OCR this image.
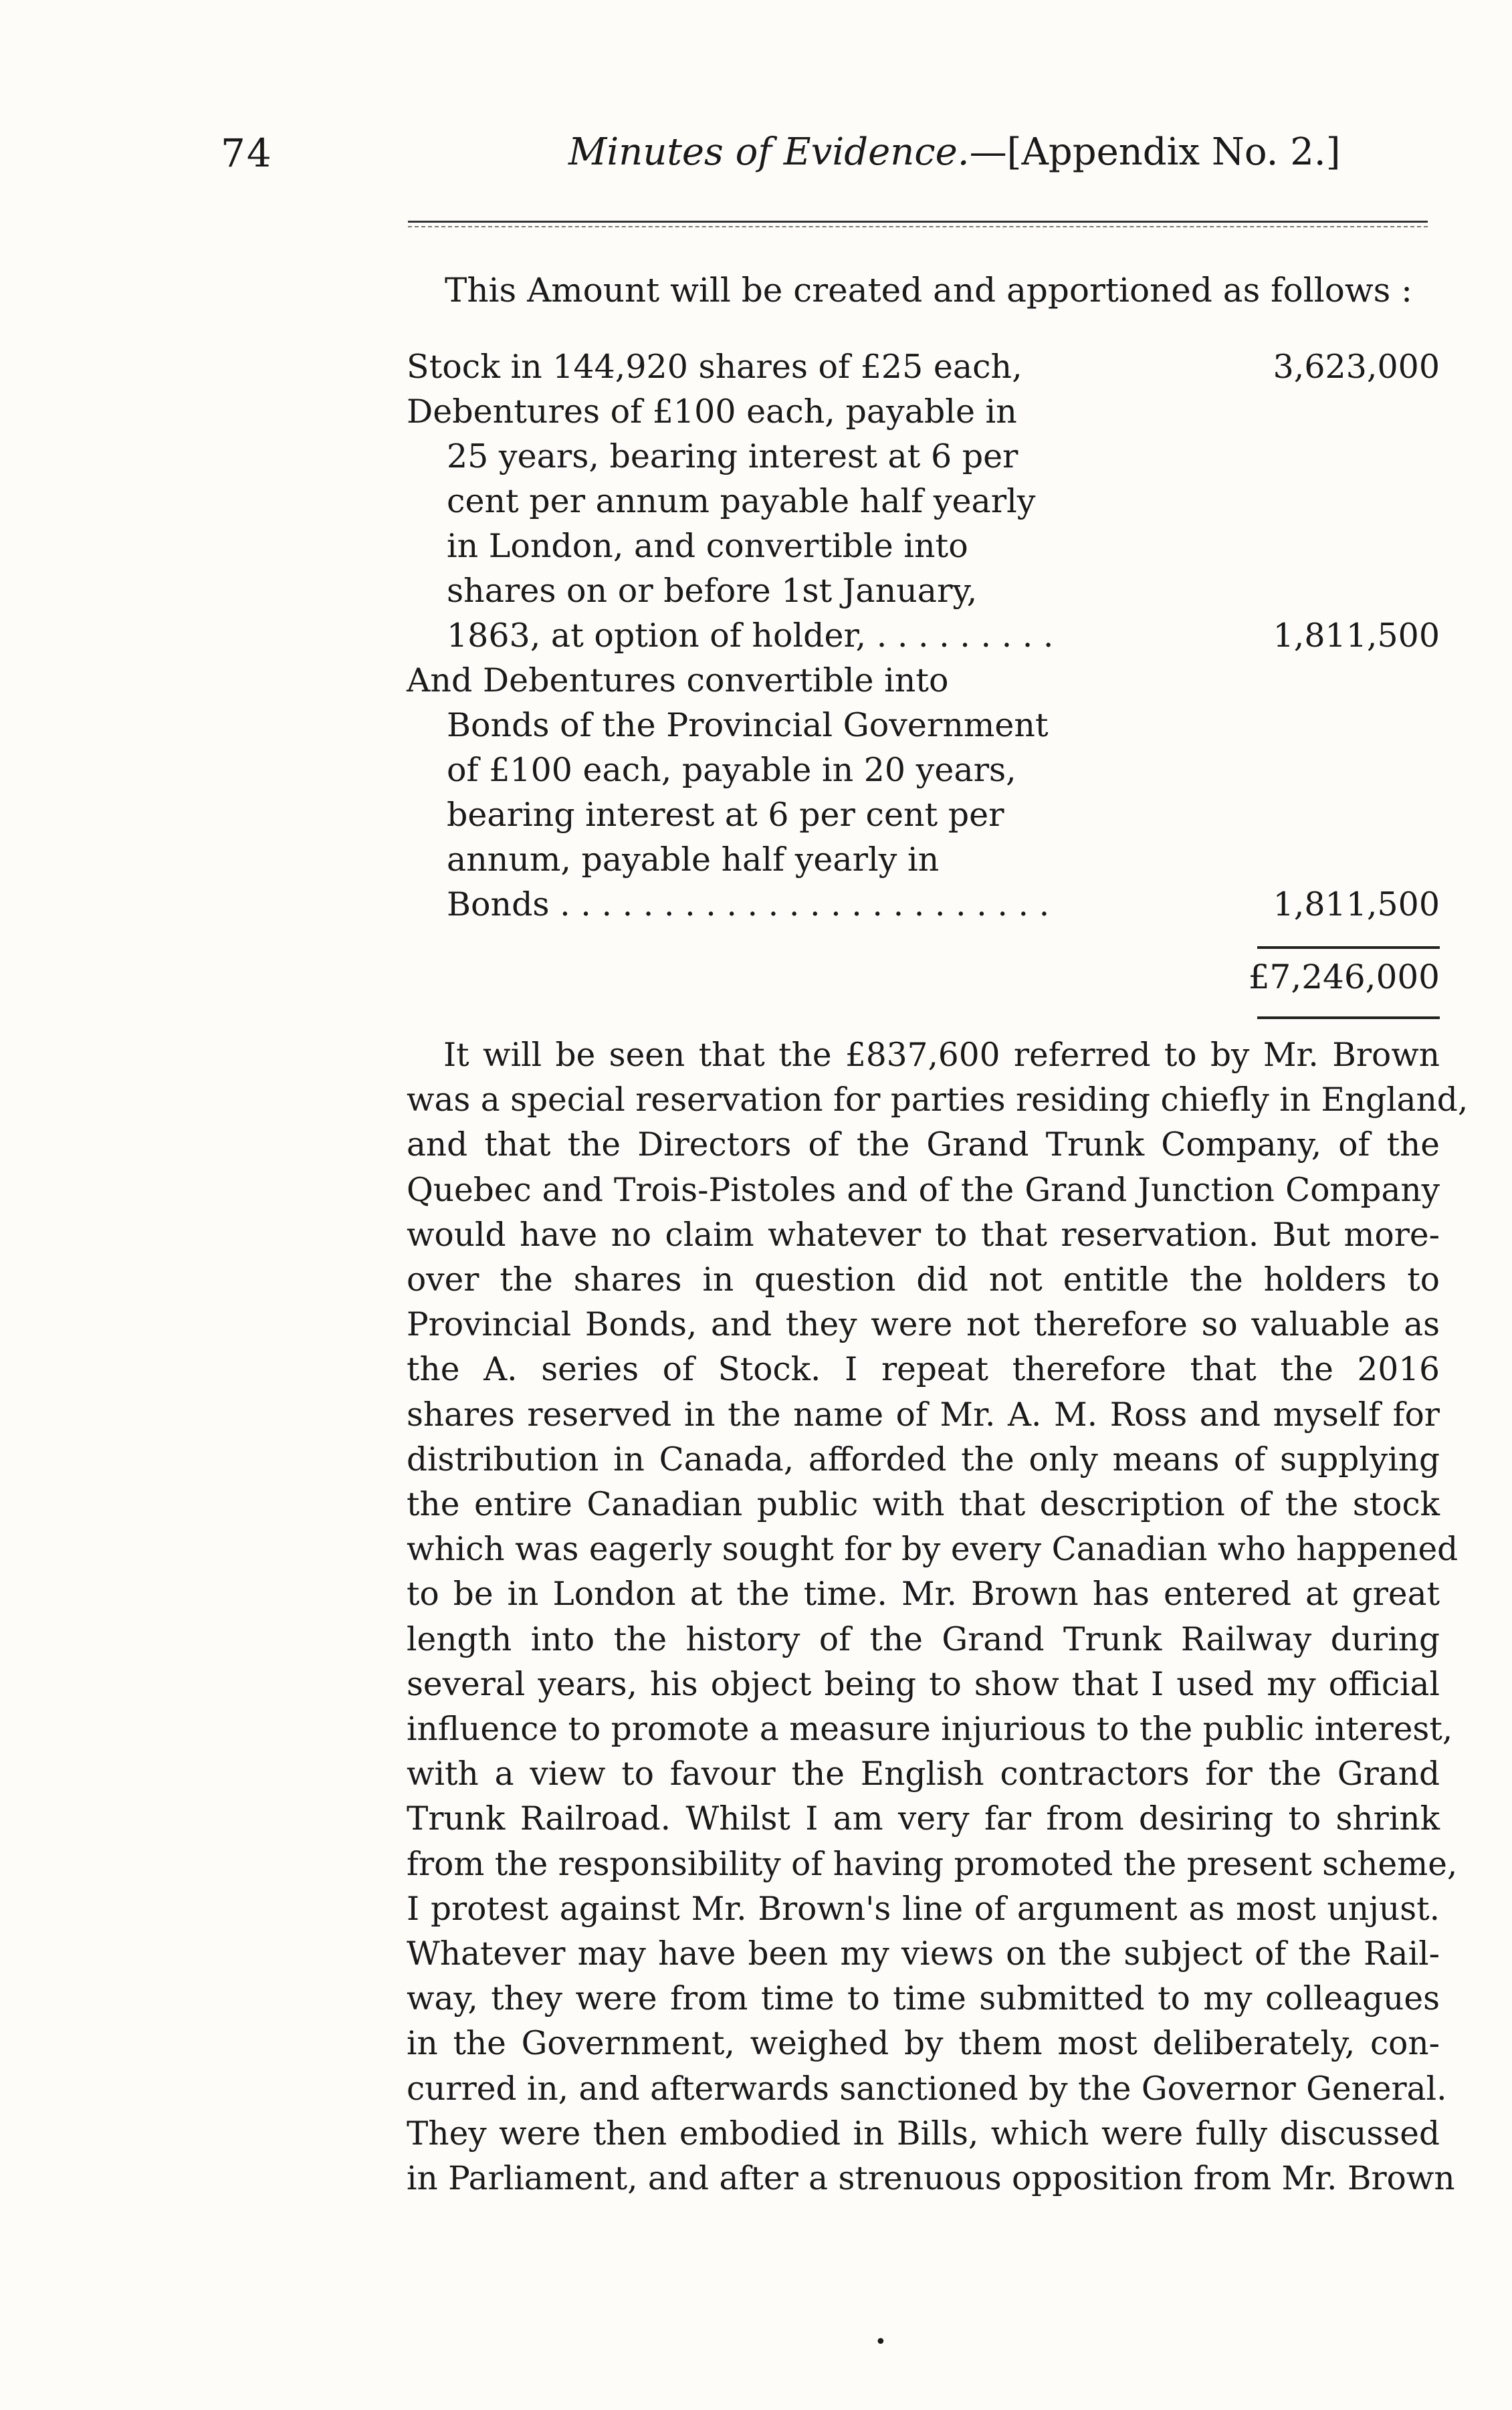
74	Minutes of Evidence.—[Appendix No. 2.]
This Amount will be created and apportioned as follows :
Stock in 144,920 shares of £25 each,	3,623,000
Debentures of £100 each, payable in
25 years, bearing interest at 6 per
cent per annum payable half yearly
in London, and convertible into
shares on or before 1st January,
1863, at option of holder, . . . . . . . . .	1,811,500
And Debentures convertible into
Bonds of the Provincial Government
of £100 each, payable in 20 years,
bearing interest at 6 per cent per
annum, payable half yearly in
Bonds . . . . . . . . . . . . . . . . . . . . . . . .	1,811,500
£7,246,000
It will be seen that the £837,600 referred to by Mr. Brown
was a special reservation for parties residing chiefly in England,
and that the Directors of the Grand Trunk Company, of the
Quebec and Trois-Pistoles and of the Grand Junction Company
would have no claim whatever to that reservation. But more-
over the shares in question did not entitle the holders to
Provincial Bonds, and they were not therefore so valuable as
the A. series of Stock. I repeat therefore that the 2016
shares reserved in the name of Mr. A. M. Ross and myself for
distribution in Canada, afforded the only means of supplying
the entire Canadian public with that description of the stock
which was eagerly sought for by every Canadian who happened
to be in London at the time. Mr. Brown has entered at great
length into the history of the Grand Trunk Railway during
several years, his object being to show that I used my official
influence to promote a measure injurious to the public interest,
with a view to favour the English contractors for the Grand
Trunk Railroad. Whilst I am very far from desiring to shrink
from the responsibility of having promoted the present scheme,
I protest against Mr. Brown's line of argument as most unjust.
Whatever may have been my views on the subject of the Rail-
way, they were from time to time submitted to my colleagues
in the Government, weighed by them most deliberately, con-
curred in, and afterwards sanctioned by the Governor General.
They were then embodied in Bills, which were fully discussed
in Parliament, and after a strenuous opposition from Mr. Brown
•
